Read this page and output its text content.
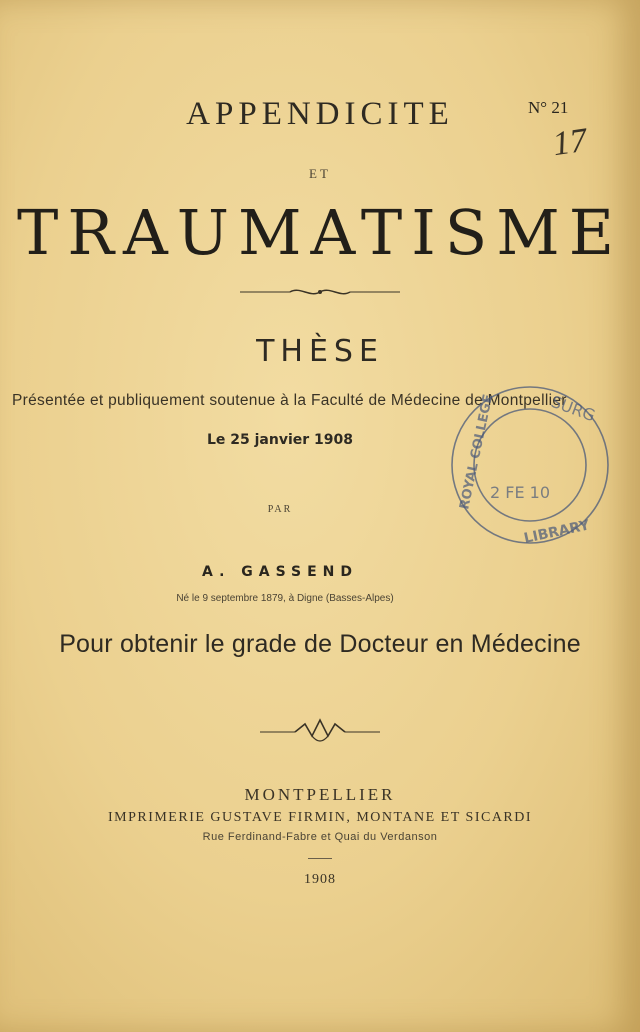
N° 21
17
APPENDICITE
ET
TRAUMATISME
THÈSE
Présentée et publiquement soutenue à la Faculté de Médecine de Montpellier
Le 25 janvier 1908
PAR
A. GASSEND
Né le 9 septembre 1879, à Digne (Basses-Alpes)
Pour obtenir le grade de Docteur en Médecine
MONTPELLIER
IMPRIMERIE GUSTAVE FIRMIN, MONTANE ET SICARDI
Rue Ferdinand-Fabre et Quai du Verdanson
1908
SURG
ROYAL COLLEGE
LIBRARY
2 FE 10
